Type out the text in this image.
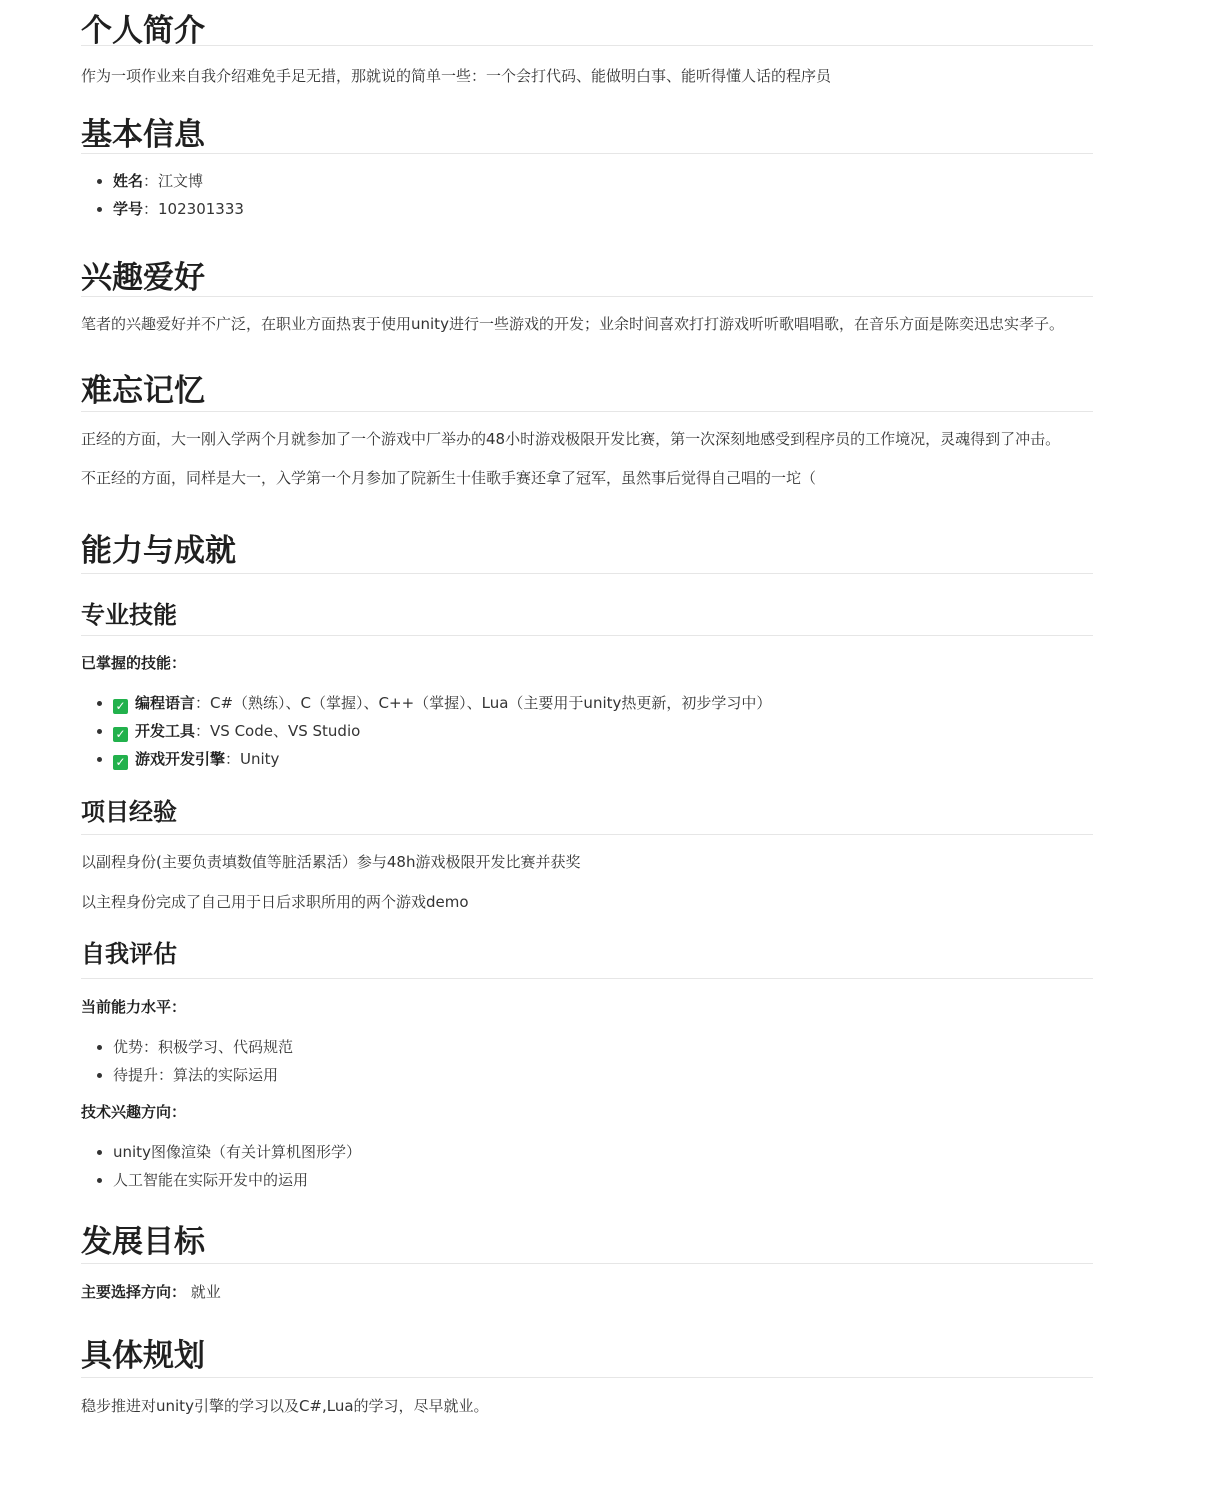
个人简介

作为一项作业来自我介绍难免手足无措，那就说的简单一些：一个会打代码、能做明白事、能听得懂人话的程序员

基本信息
• 姓名：江文博
• 学号：102301333
兴趣爱好

笔者的兴趣爱好并不广泛，在职业方面热衷于使用unity进行一些游戏的开发；业余时间喜欢打打游戏听听歌唱唱歌，在音乐方面是陈奕迅忠实孝子。

难忘记忆

正经的方面，大一刚入学两个月就参加了一个游戏中厂举办的48小时游戏极限开发比赛，第一次深刻地感受到程序员的工作境况，灵魂得到了冲击。

不正经的方面，同样是大一，入学第一个月参加了院新生十佳歌手赛还拿了冠军，虽然事后觉得自己唱的一坨（

能力与成就
专业技能

已掌握的技能：

• ✓ 编程语言：C#（熟练）、C（掌握）、C++（掌握）、Lua（主要用于unity热更新，初步学习中）
• ✓ 开发工具：VS Code、VS Studio
• ✓ 游戏开发引擎：Unity
项目经验

以副程身份(主要负责填数值等脏活累活）参与48h游戏极限开发比赛并获奖

以主程身份完成了自己用于日后求职所用的两个游戏demo

自我评估

当前能力水平：

• 优势：积极学习、代码规范
• 待提升：算法的实际运用

技术兴趣方向：

• unity图像渲染（有关计算机图形学）
• 人工智能在实际开发中的运用
发展目标

主要选择方向： 就业

具体规划

稳步推进对unity引擎的学习以及C#,Lua的学习，尽早就业。
